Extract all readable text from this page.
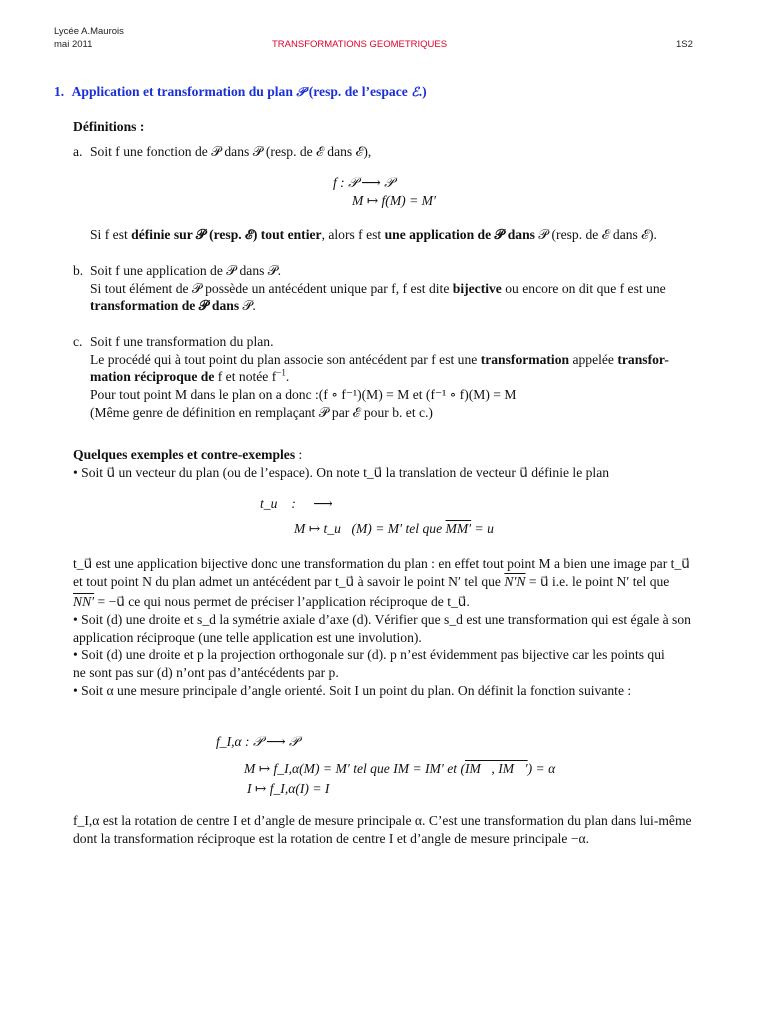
Lycée A.Maurois
mai 2011	TRANSFORMATIONS GEOMETRIQUES	1S2
1. Application et transformation du plan 𝒫 (resp. de l’espace ℰ.)
Définitions :
a. Soit f une fonction de 𝒫 dans 𝒫 (resp. de ℰ dans ℰ),
f : 𝒫 ⟶ 𝒫
M ↦ f(M) = M′
Si f est définie sur 𝒫 (resp. ℰ) tout entier, alors f est une application de 𝒫 dans 𝒫 (resp. de ℰ dans ℰ).
b. Soit f une application de 𝒫 dans 𝒫.
Si tout élément de 𝒫 possède un antécédent unique par f, f est dite bijective ou encore on dit que f est une
transformation de 𝒫 dans 𝒫.
c. Soit f une transformation du plan.
Le procédé qui à tout point du plan associe son antécédent par f est une transformation appelée transfor-
mation réciproque de f et notée $f^{-1}$.
Pour tout point M dans le plan on a donc :(f ∘ f⁻¹)(M) = M et (f⁻¹ ∘ f)(M) = M
(Même genre de définition en remplaçant 𝒫 par ℰ pour b. et c.)
Quelques exemples et contre-exemples :
• Soit u⃗ un vecteur du plan (ou de l’espace). On note t_u⃗ la translation de vecteur u⃗ définie le plan
t_u⃗ : 𝒫 ⟶ 𝒫
M ↦ t_u⃗(M) = M′ tel que MM′ = u⃗
t_u⃗ est une application bijective donc une transformation du plan : en effet tout point M a bien une image par t_u⃗
et tout point N du plan admet un antécédent par t_u⃗ à savoir le point N′ tel que N′N = u⃗ i.e. le point N′ tel que
NN′ = −u⃗ ce qui nous permet de préciser l’application réciproque de t_u⃗.
• Soit (d) une droite et s_d la symétrie axiale d’axe (d). Vérifier que s_d est une transformation qui est égale à son
application réciproque (une telle application est une involution).
• Soit (d) une droite et p la projection orthogonale sur (d). p n’est évidemment pas bijective car les points qui
ne sont pas sur (d) n’ont pas d’antécédents par p.
• Soit α une mesure principale d’angle orienté. Soit I un point du plan. On définit la fonction suivante :
f_I,α : 𝒫 ⟶ 𝒫
M ↦ f_I,α(M) = M′ tel que IM = IM′ et (IM⃗, IM⃗′) = α
I ↦ f_I,α(I) = I
f_I,α est la rotation de centre I et d’angle de mesure principale α. C’est une transformation du plan dans lui-même
dont la transformation réciproque est la rotation de centre I et d’angle de mesure principale −α.
